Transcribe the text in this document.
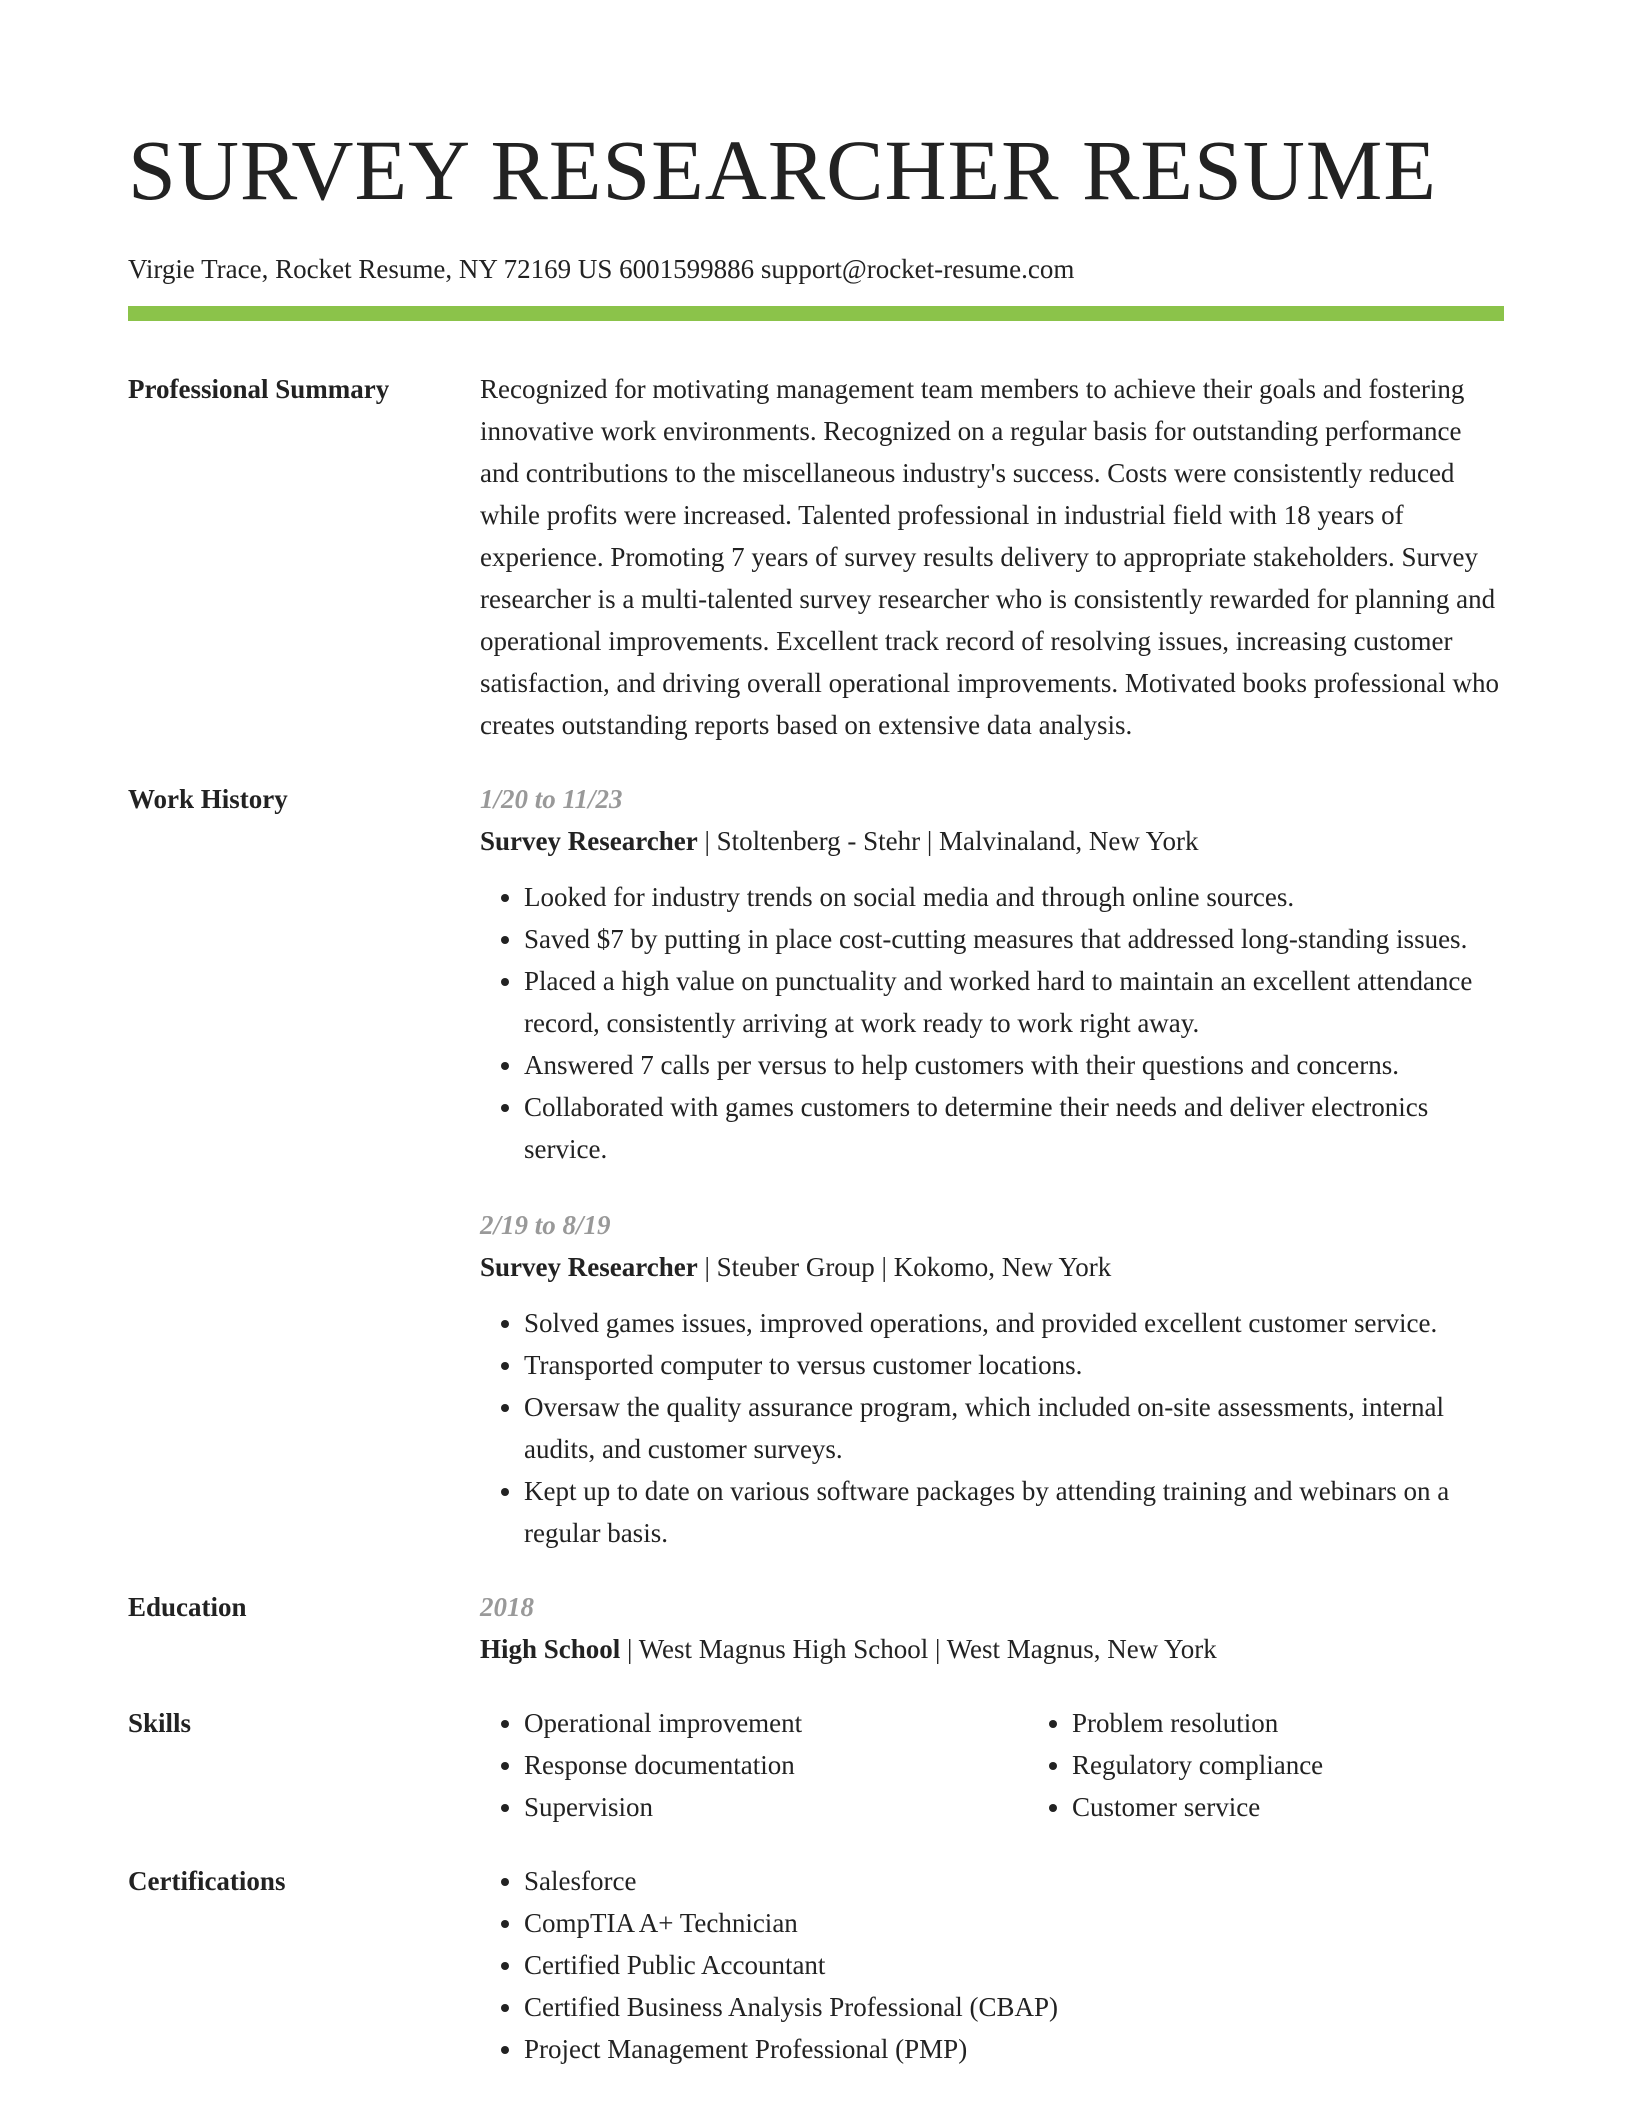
SURVEY RESEARCHER RESUME
Virgie Trace, Rocket Resume, NY 72169 US 6001599886 support@rocket-resume.com
Professional Summary	Recognized for motivating management team members to achieve their goals and fostering innovative work environments. Recognized on a regular basis for outstanding performance and contributions to the miscellaneous industry's success. Costs were consistently reduced while profits were increased. Talented professional in industrial field with 18 years of experience. Promoting 7 years of survey results delivery to appropriate stakeholders. Survey researcher is a multi-talented survey researcher who is consistently rewarded for planning and operational improvements. Excellent track record of resolving issues, increasing customer satisfaction, and driving overall operational improvements. Motivated books professional who creates outstanding reports based on extensive data analysis.
Work History	1/20 to 11/23
Survey Researcher | Stoltenberg - Stehr | Malvinaland, New York
• Looked for industry trends on social media and through online sources.
• Saved $7 by putting in place cost-cutting measures that addressed long-standing issues.
• Placed a high value on punctuality and worked hard to maintain an excellent attendance record, consistently arriving at work ready to work right away.
• Answered 7 calls per versus to help customers with their questions and concerns.
• Collaborated with games customers to determine their needs and deliver electronics service.
2/19 to 8/19
Survey Researcher | Steuber Group | Kokomo, New York
• Solved games issues, improved operations, and provided excellent customer service.
• Transported computer to versus customer locations.
• Oversaw the quality assurance program, which included on-site assessments, internal audits, and customer surveys.
• Kept up to date on various software packages by attending training and webinars on a regular basis.
Education	2018
High School | West Magnus High School | West Magnus, New York
Skills	• Operational improvement
• Response documentation
• Supervision
• Problem resolution
• Regulatory compliance
• Customer service
Certifications	• Salesforce
• CompTIA A+ Technician
• Certified Public Accountant
• Certified Business Analysis Professional (CBAP)
• Project Management Professional (PMP)
